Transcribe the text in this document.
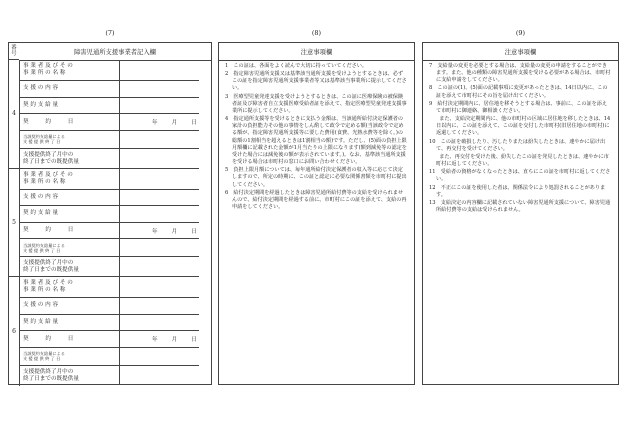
(7)	(8)	(9)
番号	障害児通所支援事業者記入欄
4
事 業 者 及 び そ の
事 業 所 の 名 称
支 援 の 内 容
契 約 支 給 量
契　　　約　　　日	年	月	日
当該契約支給量による
支 援 提 供 終 了 日
支援提供終了月中の
終了日までの既提供量
5
事 業 者 及 び そ の
事 業 所 の 名 称
支 援 の 内 容
契 約 支 給 量
契　　　約　　　日	年	月	日
当該契約支給量による
支 援 提 供 終 了 日
支援提供終了月中の
終了日までの既提供量
6
事 業 者 及 び そ の
事 業 所 の 名 称
支 援 の 内 容
契 約 支 給 量
契　　　約　　　日	年	月	日
当該契約支給量による
支 援 提 供 終 了 日
支援提供終了月中の
終了日までの既提供量
注意事項欄

1　この証は、各面をよく読んで大切に持っていてください。

2　指定障害児通所支援又は基準該当通所支援を受けようとするときは、必ずこの証を指定障害児通所支援事業者等又は基準該当事業所に提示してください。

3　医療型児童発達支援を受けようとするときは、この証に医療保険の被保険者証及び障害者自立支援医療受給者証を添えて、指定医療型児童発達支援事業所に提示してください。

4　指定通所支援等を受けるときに支払う金額は、当該通所給付決定保護者の家計の負担能力その他の事情をしん酌して政令で定める額(当該政令で定める額が、指定障害児通所支援等に要した費用(食費、光熱水費等を除く。)の総額の1割相当を超えるときは1割相当の額)です。ただし、(5)面の負担上限月額欄に記載された金額が1月当たりの上限になります(額到減免等の認定を受けた場合には減免後の額が表示されています。)。なお、基準該当通所支援を受ける場合は市町村の窓口にお問い合わせください。

5　負担上限月額については、毎年通所給付決定保護者の収入等に応じて決定しますので、所定の時期に、この証と認定に必要な関係書類を市町村に提出してください。

6　給付決定期間を経過したときは障害児通所給付費等の支給を受けられませんので、給付決定期間を経過する前に、市町村にこの証を添えて、支給の再申請をしてください。

注意事項欄

7　支給量の変更を必要とする場合は、支給量の変更の申請をすることができます。また、他の種類の障害児通所支援を受ける必要がある場合は、市町村に支給申請をしてください。

8　この証の(1)、(5)面の記載事項に変更があったときは、14日以内に、この証を添えて市町村にその旨を届け出てください。

9　給付決定期間内に、居住地を移そうとする場合は、事前に、この証を添えて市町村に御連絡、御相談ください。

　　また、支給決定期間内に、他の市町村の区域に居住地を移したときは、14日以内に、この証を添えて、この証を交付した市町村(旧居住地の市町村)に返還してください。

10　この証を破損したり、汚したりまたは紛失したときは、速やかに届け出て、再交付を受けてください。

　　また、再交付を受けた後、紛失したこの証を発見したときは、速やかに市町村に返してください。

11　受給者の資格がなくなったときは、直ちにこの証を市町村に返してください。

12　不正にこの証を使用した者は、関係法令により処罰されることがあります。

13　支給決定の内容欄に記載されていない障害児通所支援について、障害児通所給付費等の支給は受けられません。
